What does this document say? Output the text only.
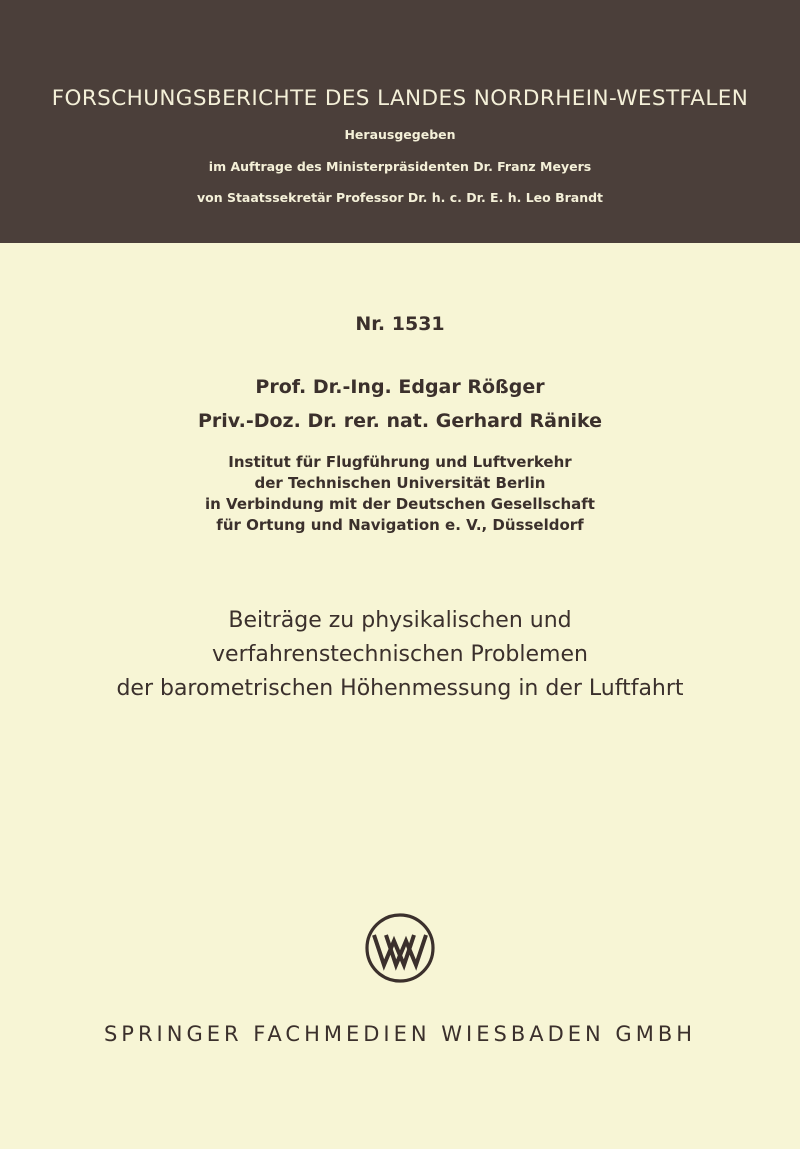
FORSCHUNGSBERICHTE DES LANDES NORDRHEIN-WESTFALEN
Herausgegeben
im Auftrage des Ministerpräsidenten Dr. Franz Meyers
von Staatssekretär Professor Dr. h. c. Dr. E. h. Leo Brandt
Nr. 1531
Prof. Dr.-Ing. Edgar Rößger
Priv.-Doz. Dr. rer. nat. Gerhard Ränike
Institut für Flugführung und Luftverkehr
der Technischen Universität Berlin
in Verbindung mit der Deutschen Gesellschaft
für Ortung und Navigation e. V., Düsseldorf
Beiträge zu physikalischen und
verfahrenstechnischen Problemen
der barometrischen Höhenmessung in der Luftfahrt
SPRINGER FACHMEDIEN WIESBADEN GMBH
